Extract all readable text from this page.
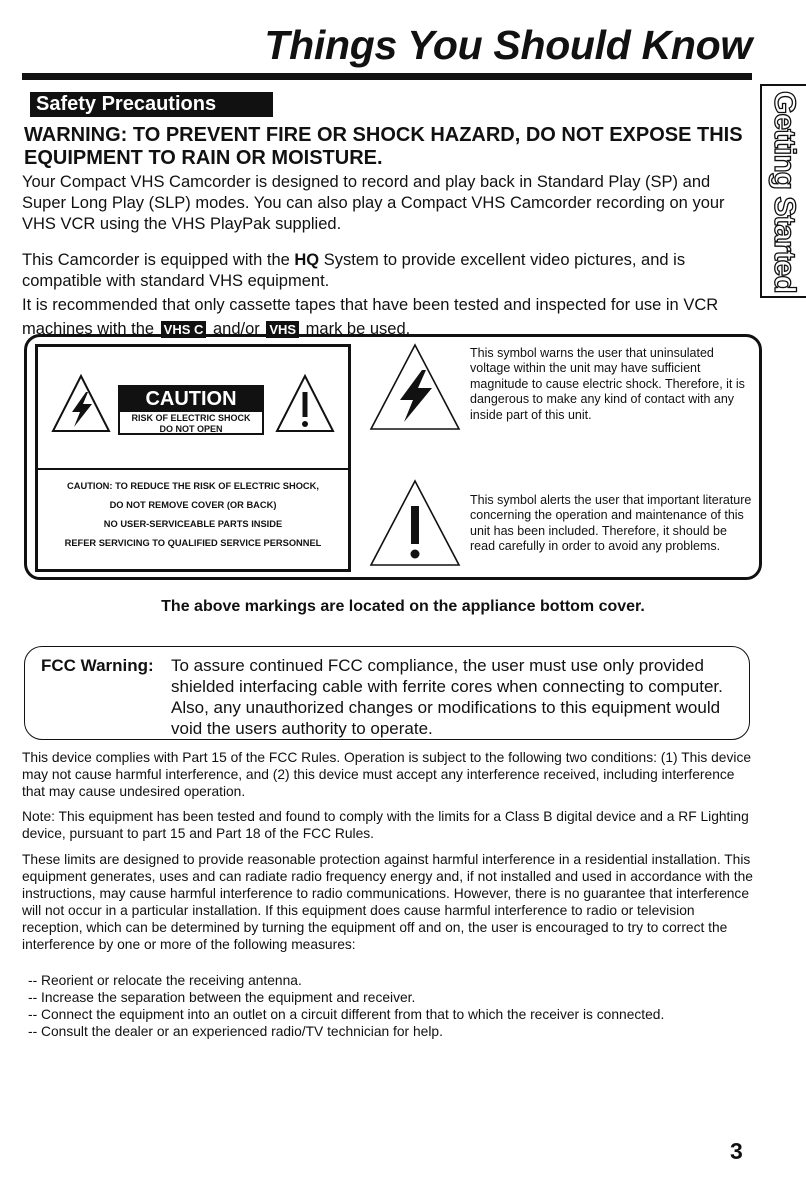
Things You Should Know
Getting Started
Safety Precautions
WARNING: TO PREVENT FIRE OR SHOCK HAZARD, DO NOT EXPOSE THIS EQUIPMENT TO RAIN OR MOISTURE.
Your Compact VHS Camcorder is designed to record and play back in Standard Play (SP) and Super Long Play (SLP) modes. You can also play a Compact VHS Camcorder recording on your VHS VCR using the VHS PlayPak supplied.
This Camcorder is equipped with the HQ System to provide excellent video pictures, and is compatible with standard VHS equipment.
It is recommended that only cassette tapes that have been tested and inspected for use in VCR machines with the VHS C and/or VHS mark be used.
CAUTION
RISK OF ELECTRIC SHOCK
DO NOT OPEN
CAUTION: TO REDUCE THE RISK OF ELECTRIC SHOCK,
DO NOT REMOVE COVER (OR BACK)
NO USER-SERVICEABLE PARTS INSIDE
REFER SERVICING TO QUALIFIED SERVICE PERSONNEL
This symbol warns the user that uninsulated voltage within the unit may have sufficient magnitude to cause electric shock. Therefore, it is dangerous to make any kind of contact with any inside part of this unit.
This symbol alerts the user that important literature concerning the operation and maintenance of this unit has been included. Therefore, it should be read carefully in order to avoid any problems.
The above markings are located on the appliance bottom cover.
FCC Warning: To assure continued FCC compliance, the user must use only provided shielded interfacing cable with ferrite cores when connecting to computer. Also, any unauthorized changes or modifications to this equipment would void the users authority to operate.
This device complies with Part 15 of the FCC Rules. Operation is subject to the following two conditions: (1) This device may not cause harmful interference, and (2) this device must accept any interference received, including interference that may cause undesired operation.
Note: This equipment has been tested and found to comply with the limits for a Class B digital device and a RF Lighting device, pursuant to part 15 and Part 18 of the FCC Rules.
These limits are designed to provide reasonable protection against harmful interference in a residential installation. This equipment generates, uses and can radiate radio frequency energy and, if not installed and used in accordance with the instructions, may cause harmful interference to radio communications. However, there is no guarantee that interference will not occur in a particular installation. If this equipment does cause harmful interference to radio or television reception, which can be determined by turning the equipment off and on, the user is encouraged to try to correct the interference by one or more of the following measures:
-- Reorient or relocate the receiving antenna.
-- Increase the separation between the equipment and receiver.
-- Connect the equipment into an outlet on a circuit different from that to which the receiver is connected.
-- Consult the dealer or an experienced radio/TV technician for help.
3
